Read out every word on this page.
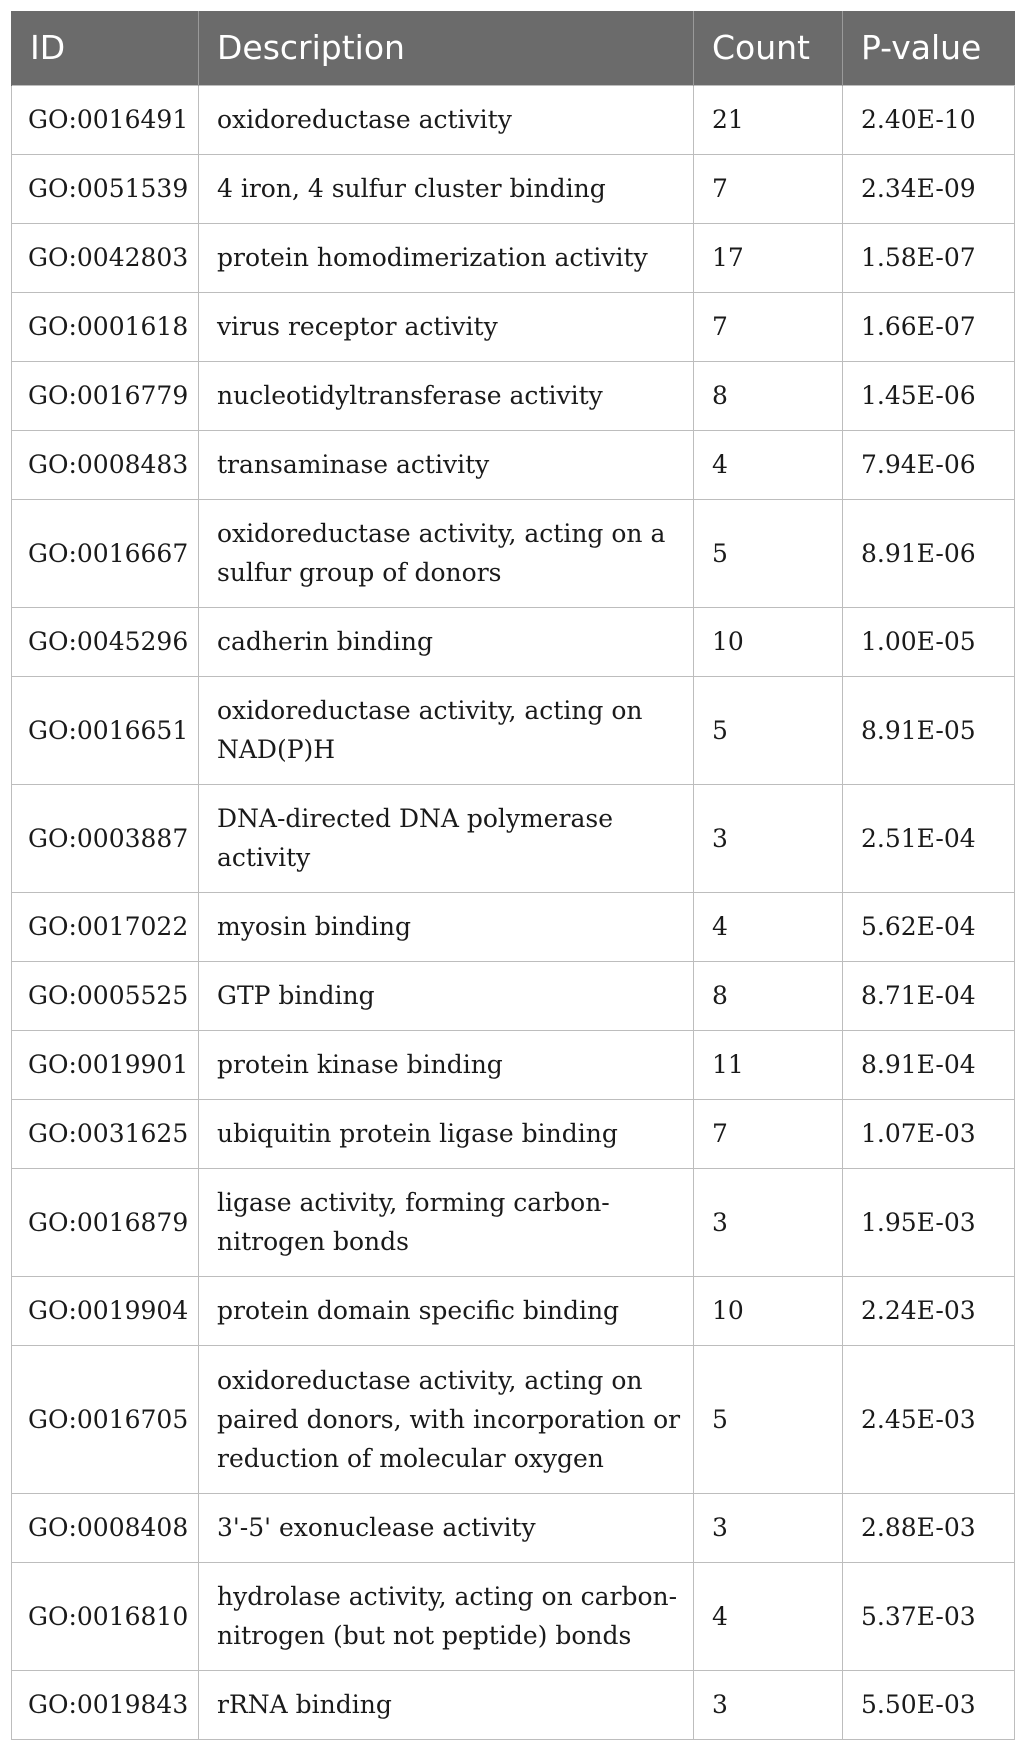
ID	Description	Count	P-value
GO:0016491	oxidoreductase activity	21	2.40E-10
GO:0051539	4 iron, 4 sulfur cluster binding	7	2.34E-09
GO:0042803	protein homodimerization activity	17	1.58E-07
GO:0001618	virus receptor activity	7	1.66E-07
GO:0016779	nucleotidyltransferase activity	8	1.45E-06
GO:0008483	transaminase activity	4	7.94E-06
GO:0016667	oxidoreductase activity, acting on a sulfur group of donors	5	8.91E-06
GO:0045296	cadherin binding	10	1.00E-05
GO:0016651	oxidoreductase activity, acting on NAD(P)H	5	8.91E-05
GO:0003887	DNA-directed DNA polymerase activity	3	2.51E-04
GO:0017022	myosin binding	4	5.62E-04
GO:0005525	GTP binding	8	8.71E-04
GO:0019901	protein kinase binding	11	8.91E-04
GO:0031625	ubiquitin protein ligase binding	7	1.07E-03
GO:0016879	ligase activity, forming carbon-nitrogen bonds	3	1.95E-03
GO:0019904	protein domain specific binding	10	2.24E-03
GO:0016705	oxidoreductase activity, acting on paired donors, with incorporation or reduction of molecular oxygen	5	2.45E-03
GO:0008408	3'-5' exonuclease activity	3	2.88E-03
GO:0016810	hydrolase activity, acting on carbon-nitrogen (but not peptide) bonds	4	5.37E-03
GO:0019843	rRNA binding	3	5.50E-03
